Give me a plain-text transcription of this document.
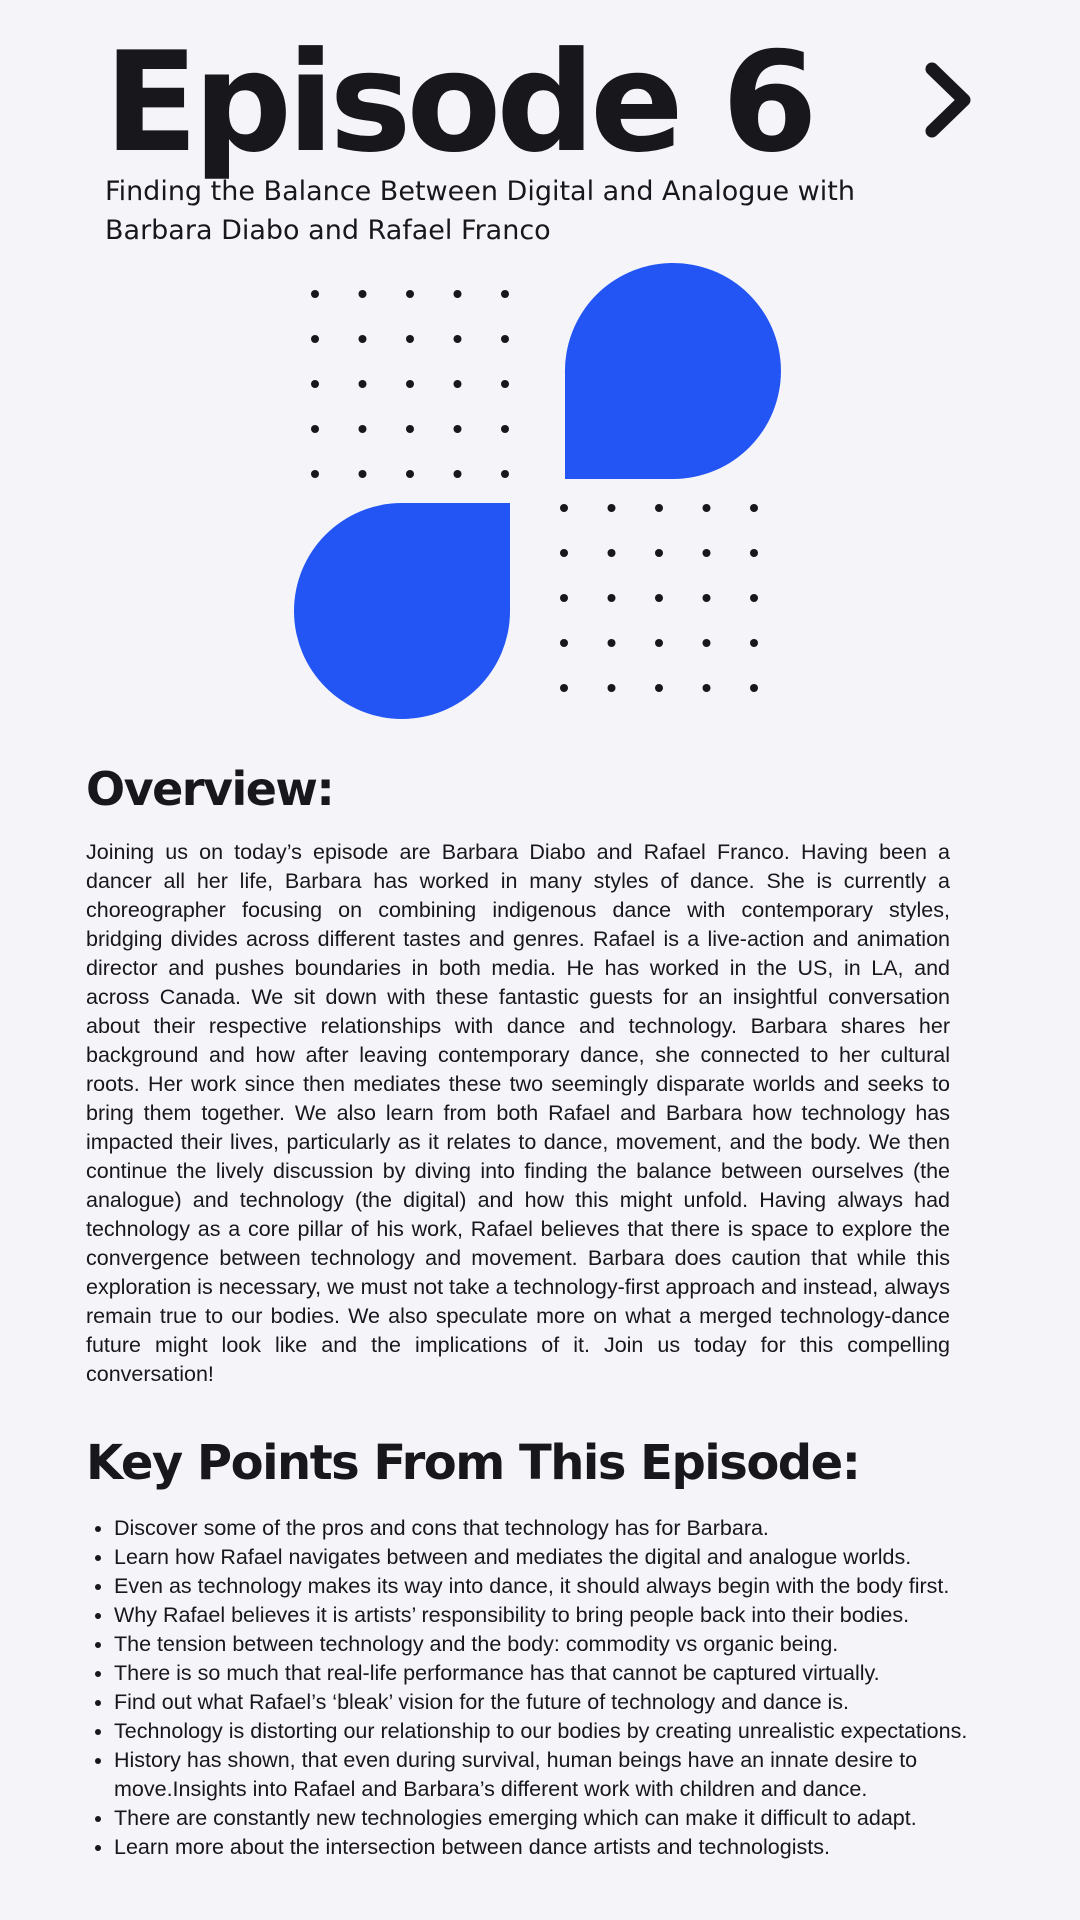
Episode 6

Finding the Balance Between Digital and Analogue with Barbara Diabo and Rafael Franco

Overview:

Joining us on today’s episode are Barbara Diabo and Rafael Franco. Having been a dancer all her life, Barbara has worked in many styles of dance. She is currently a choreographer focusing on combining indigenous dance with contemporary styles, bridging divides across different tastes and genres. Rafael is a live-action and animation director and pushes boundaries in both media. He has worked in the US, in LA, and across Canada. We sit down with these fantastic guests for an insightful conversation about their respective relationships with dance and technology. Barbara shares her background and how after leaving contemporary dance, she connected to her cultural roots. Her work since then mediates these two seemingly disparate worlds and seeks to bring them together. We also learn from both Rafael and Barbara how technology has impacted their lives, particularly as it relates to dance, movement, and the body. We then continue the lively discussion by diving into finding the balance between ourselves (the analogue) and technology (the digital) and how this might unfold. Having always had technology as a core pillar of his work, Rafael believes that there is space to explore the convergence between technology and movement. Barbara does caution that while this exploration is necessary, we must not take a technology-first approach and instead, always remain true to our bodies. We also speculate more on what a merged technology-dance future might look like and the implications of it. Join us today for this compelling conversation!

Key Points From This Episode:
• Discover some of the pros and cons that technology has for Barbara.
• Learn how Rafael navigates between and mediates the digital and analogue worlds.
• Even as technology makes its way into dance, it should always begin with the body first.
• Why Rafael believes it is artists’ responsibility to bring people back into their bodies.
• The tension between technology and the body: commodity vs organic being.
• There is so much that real-life performance has that cannot be captured virtually.
• Find out what Rafael’s ‘bleak’ vision for the future of technology and dance is.
• Technology is distorting our relationship to our bodies by creating unrealistic expectations.
• History has shown, that even during survival, human beings have an innate desire to move.Insights into Rafael and Barbara’s different work with children and dance.
• There are constantly new technologies emerging which can make it difficult to adapt.
• Learn more about the intersection between dance artists and technologists.
